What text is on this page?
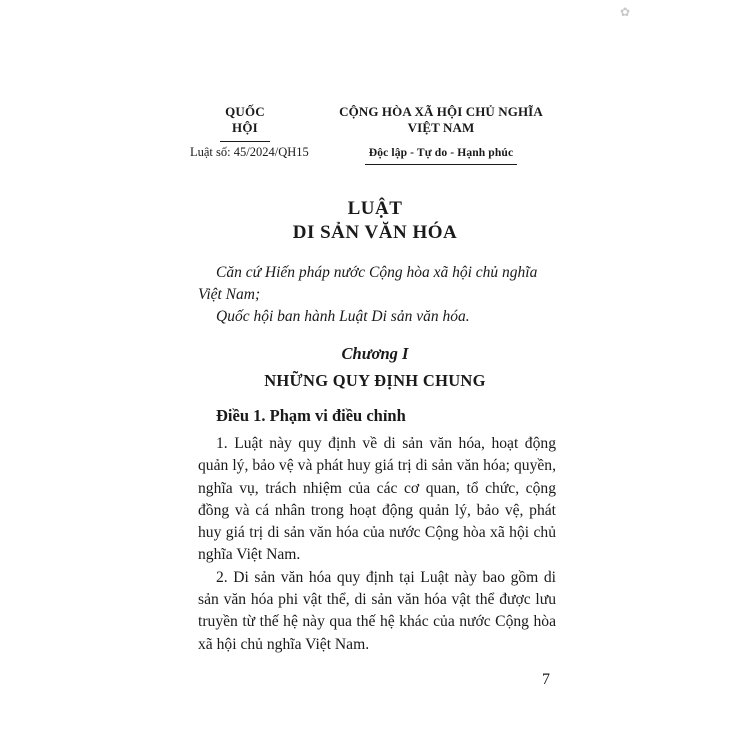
✿
QUỐC HỘI
CỘNG HÒA XÃ HỘI CHỦ NGHĨA VIỆT NAM
Độc lập - Tự do - Hạnh phúc
Luật số: 45/2024/QH15
LUẬT
DI SẢN VĂN HÓA

Căn cứ Hiến pháp nước Cộng hòa xã hội chủ nghĩa Việt Nam;

Quốc hội ban hành Luật Di sản văn hóa.

Chương I
NHỮNG QUY ĐỊNH CHUNG
Điều 1. Phạm vi điều chỉnh

1. Luật này quy định về di sản văn hóa, hoạt động quản lý, bảo vệ và phát huy giá trị di sản văn hóa; quyền, nghĩa vụ, trách nhiệm của các cơ quan, tổ chức, cộng đồng và cá nhân trong hoạt động quản lý, bảo vệ, phát huy giá trị di sản văn hóa của nước Cộng hòa xã hội chủ nghĩa Việt Nam.

2. Di sản văn hóa quy định tại Luật này bao gồm di sản văn hóa phi vật thể, di sản văn hóa vật thể được lưu truyền từ thế hệ này qua thế hệ khác của nước Cộng hòa xã hội chủ nghĩa Việt Nam.

7
